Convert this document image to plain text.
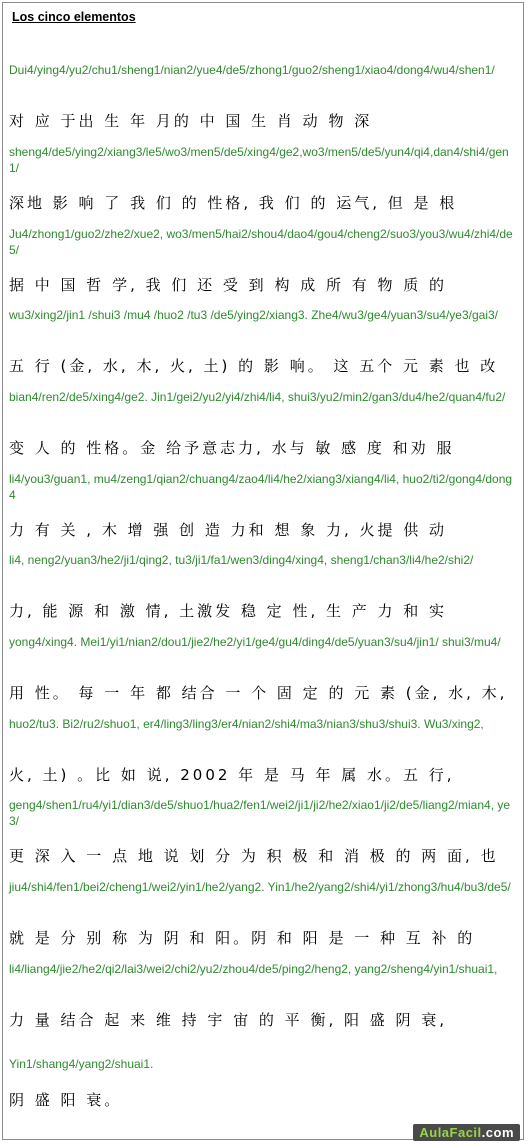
Los cinco elementos
Dui4/ying4/yu2/chu1/sheng1/nian2/yue4/de5/zhong1/guo2/sheng1/xiao4/dong4/wu4/shen1/
对 应 于出 生 年 月的 中 国 生 肖 动 物 深
sheng4/de5/ying2/xiang3/le5/wo3/men5/de5/xing4/ge2,wo3/men5/de5/yun4/qi4,dan4/shi4/gen1/
深地 影 响 了 我 们 的 性格, 我 们 的 运气, 但 是 根
Ju4/zhong1/guo2/zhe2/xue2, wo3/men5/hai2/shou4/dao4/gou4/cheng2/suo3/you3/wu4/zhi4/de5/
据 中 国 哲 学, 我 们 还 受 到 构 成 所 有 物 质 的
wu3/xing2/jin1 /shui3 /mu4 /huo2 /tu3 /de5/ying2/xiang3. Zhe4/wu3/ge4/yuan3/su4/ye3/gai3/
五 行 (金, 水, 木, 火, 土) 的 影 响。 这 五个 元 素 也 改
bian4/ren2/de5/xing4/ge2. Jin1/gei2/yu2/yi4/zhi4/li4, shui3/yu2/min2/gan3/du4/he2/quan4/fu2/
变 人 的 性格。金 给予意志力, 水与 敏 感 度 和劝 服
li4/you3/guan1, mu4/zeng1/qian2/chuang4/zao4/li4/he2/xiang3/xiang4/li4, huo2/ti2/gong4/dong4
力 有 关 , 木 增 强 创 造 力和 想 象 力, 火提 供 动
li4, neng2/yuan3/he2/ji1/qing2, tu3/ji1/fa1/wen3/ding4/xing4, sheng1/chan3/li4/he2/shi2/
力, 能 源 和 激 情, 土激发 稳 定 性, 生 产 力 和 实
yong4/xing4. Mei1/yi1/nian2/dou1/jie2/he2/yi1/ge4/gu4/ding4/de5/yuan3/su4/jin1/ shui3/mu4/
用 性。 每 一 年 都 结合 一 个 固 定 的 元 素 (金, 水, 木,
huo2/tu3. Bi2/ru2/shuo1, er4/ling3/ling3/er4/nian2/shi4/ma3/nian3/shu3/shui3. Wu3/xing2,
火, 土) 。比 如 说, 2002 年 是 马 年 属 水。五 行,
geng4/shen1/ru4/yi1/dian3/de5/shuo1/hua2/fen1/wei2/ji1/ji2/he2/xiao1/ji2/de5/liang2/mian4, ye3/
更 深 入 一 点 地 说 划 分 为 积 极 和 消 极 的 两 面, 也
jiu4/shi4/fen1/bei2/cheng1/wei2/yin1/he2/yang2. Yin1/he2/yang2/shi4/yi1/zhong3/hu4/bu3/de5/
就 是 分 别 称 为 阴 和 阳。阴 和 阳 是 一 种 互 补 的
li4/liang4/jie2/he2/qi2/lai3/wei2/chi2/yu2/zhou4/de5/ping2/heng2, yang2/sheng4/yin1/shuai1,
力 量 结合 起 来 维 持 宇 宙 的 平 衡, 阳 盛 阴 衰,
Yin1/shang4/yang2/shuai1.
阴 盛 阳 衰。
AulaFacil.com
